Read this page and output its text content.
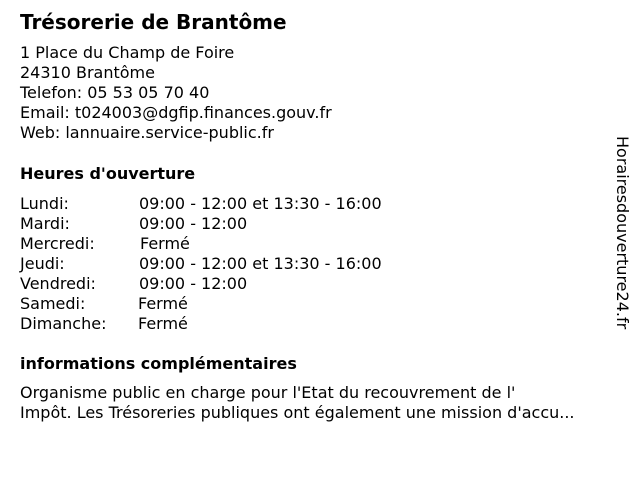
Trésorerie de Brantôme
1 Place du Champ de Foire
24310 Brantôme
Telefon: 05 53 05 70 40
Email: t024003@dgfip.finances.gouv.fr
Web: lannuaire.service-public.fr
Heures d'ouverture
Lundi:	09:00 - 12:00 et 13:30 - 16:00
Mardi:	09:00 - 12:00
Mercredi:	Fermé
Jeudi:	09:00 - 12:00 et 13:30 - 16:00
Vendredi:	09:00 - 12:00
Samedi:	Fermé
Dimanche: Fermé
informations complémentaires
Organisme public en charge pour l'Etat du recouvrement de l'
Impôt. Les Trésoreries publiques ont également une mission d'accu...
Horairesdouverture24.fr
